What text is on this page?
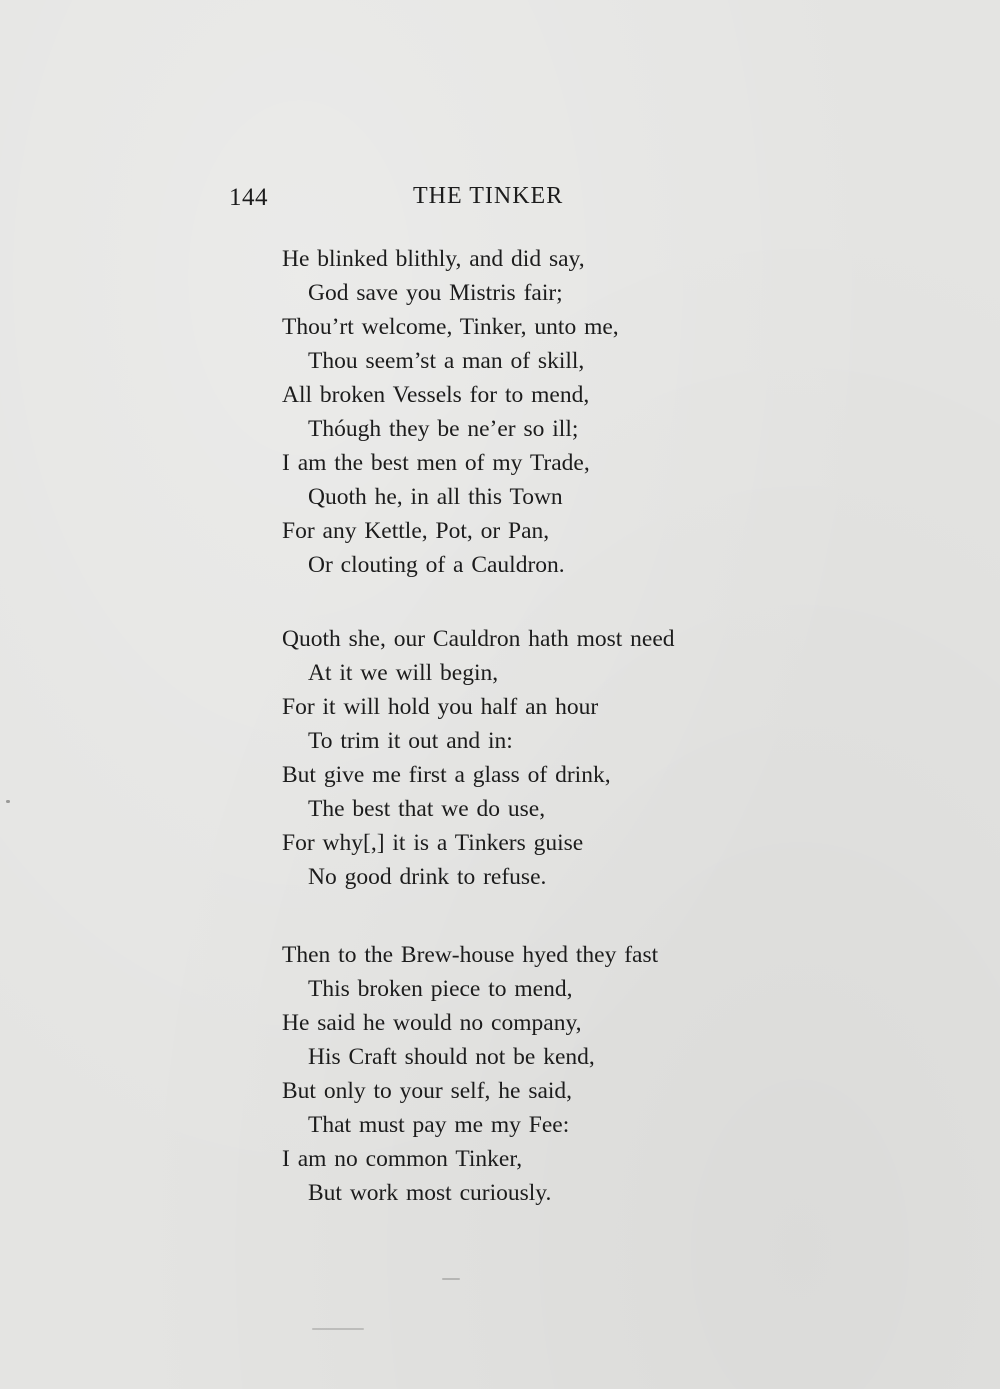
144	THE TINKER
He blinked blithly, and did say,
God save you Mistris fair;
Thou’rt welcome, Tinker, unto me,
Thou seem’st a man of skill,
All broken Vessels for to mend,
Thóugh they be ne’er so ill;
I am the best men of my Trade,
Quoth he, in all this Town
For any Kettle, Pot, or Pan,
Or clouting of a Cauldron.
Quoth she, our Cauldron hath most need
At it we will begin,
For it will hold you half an hour
To trim it out and in:
But give me first a glass of drink,
The best that we do use,
For why[,] it is a Tinkers guise
No good drink to refuse.
Then to the Brew-house hyed they fast
This broken piece to mend,
He said he would no company,
His Craft should not be kend,
But only to your self, he said,
That must pay me my Fee:
I am no common Tinker,
But work most curiously.
